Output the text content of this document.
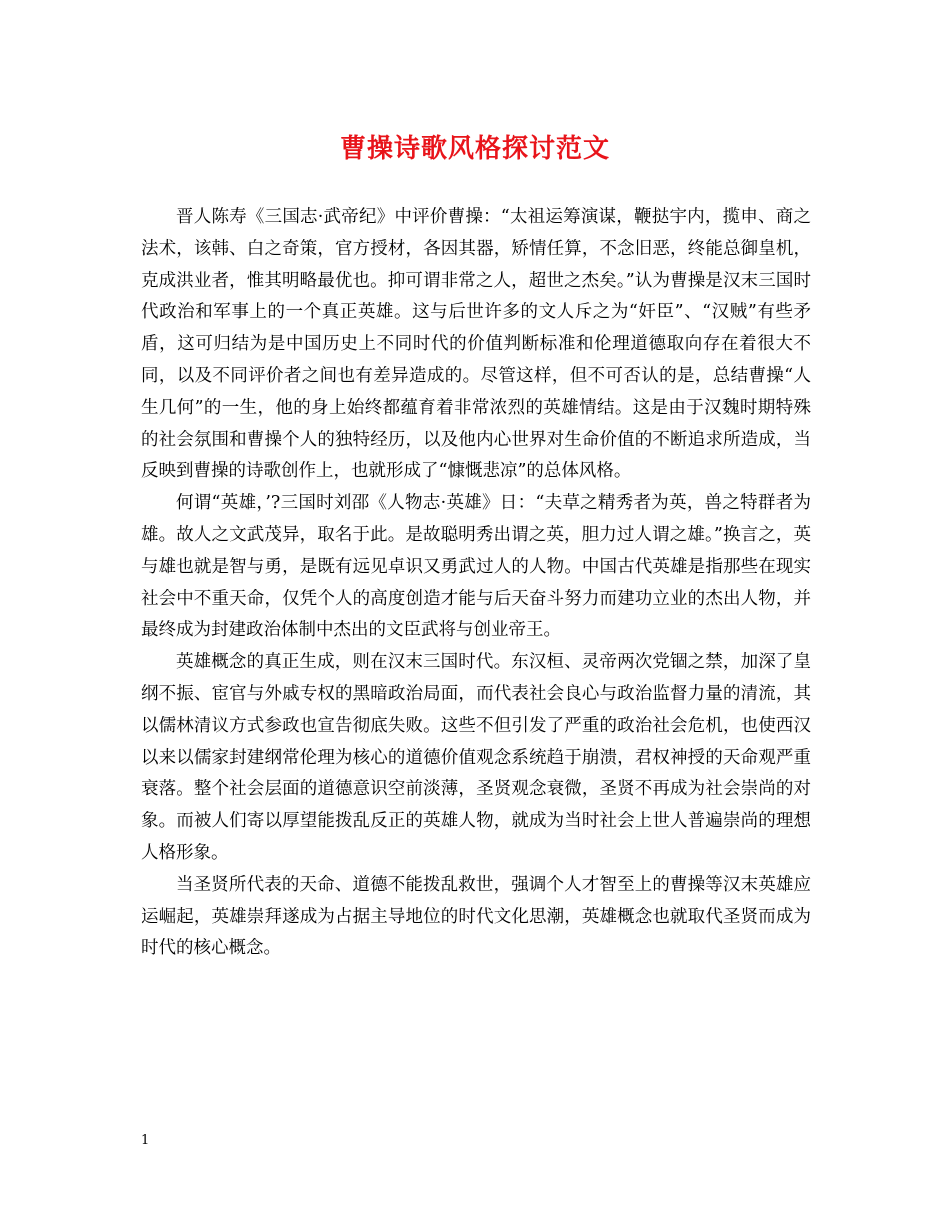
曹操诗歌风格探讨范文

晋人陈寿《三国志·武帝纪》中评价曹操：“太祖运筹演谋，鞭挞宇内，揽申、商之法术，该韩、白之奇策，官方授材，各因其器，矫情任算，不念旧恶，终能总御皇机，克成洪业者，惟其明略最优也。抑可谓非常之人，超世之杰矣。”认为曹操是汉末三国时代政治和军事上的一个真正英雄。这与后世许多的文人斥之为“奸臣”、“汉贼”有些矛盾，这可归结为是中国历史上不同时代的价值判断标准和伦理道德取向存在着很大不同，以及不同评价者之间也有差异造成的。尽管这样，但不可否认的是，总结曹操“人生几何”的一生，他的身上始终都蕴育着非常浓烈的英雄情结。这是由于汉魏时期特殊的社会氛围和曹操个人的独特经历，以及他内心世界对生命价值的不断追求所造成，当反映到曹操的诗歌创作上，也就形成了“慷慨悲凉”的总体风格。

何谓“英雄，’?三国时刘邵《人物志·英雄》日：“夫草之精秀者为英，兽之特群者为雄。故人之文武茂异，取名于此。是故聪明秀出谓之英，胆力过人谓之雄。”换言之，英与雄也就是智与勇，是既有远见卓识又勇武过人的人物。中国古代英雄是指那些在现实社会中不重天命，仅凭个人的高度创造才能与后天奋斗努力而建功立业的杰出人物，并最终成为封建政治体制中杰出的文臣武将与创业帝王。

英雄概念的真正生成，则在汉末三国时代。东汉桓、灵帝两次党锢之禁，加深了皇纲不振、宦官与外戚专权的黑暗政治局面，而代表社会良心与政治监督力量的清流，其以儒林清议方式参政也宣告彻底失败。这些不但引发了严重的政治社会危机，也使西汉以来以儒家封建纲常伦理为核心的道德价值观念系统趋于崩溃，君权神授的天命观严重衰落。整个社会层面的道德意识空前淡薄，圣贤观念衰微，圣贤不再成为社会崇尚的对象。而被人们寄以厚望能拨乱反正的英雄人物，就成为当时社会上世人普遍崇尚的理想人格形象。

当圣贤所代表的天命、道德不能拨乱救世，强调个人才智至上的曹操等汉末英雄应运崛起，英雄崇拜遂成为占据主导地位的时代文化思潮，英雄概念也就取代圣贤而成为时代的核心概念。

1
